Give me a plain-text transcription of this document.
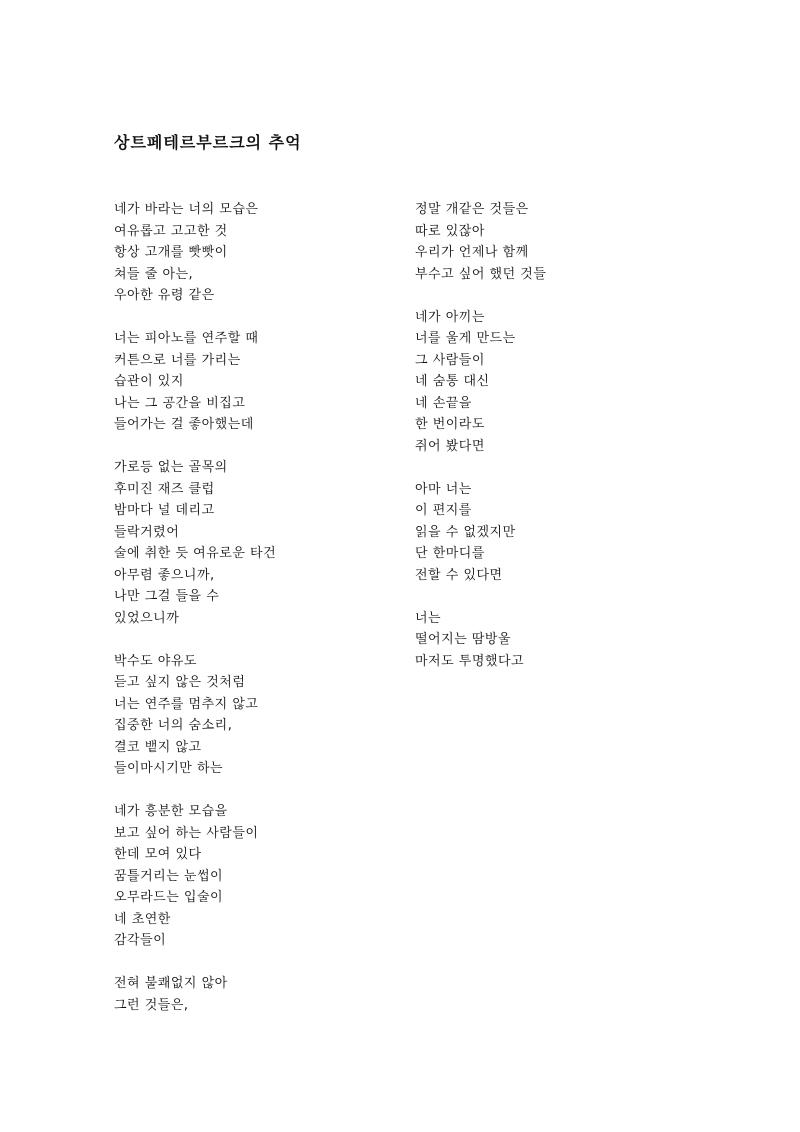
상트페테르부르크의 추억
네가 바라는 너의 모습은
여유롭고 고고한 것
항상 고개를 빳빳이
쳐들 줄 아는,
우아한 유령 같은
너는 피아노를 연주할 때
커튼으로 너를 가리는
습관이 있지
나는 그 공간을 비집고
들어가는 걸 좋아했는데
가로등 없는 골목의
후미진 재즈 클럽
밤마다 널 데리고
들락거렸어
술에 취한 듯 여유로운 타건
아무렴 좋으니까,
나만 그걸 들을 수
있었으니까
박수도 야유도
듣고 싶지 않은 것처럼
너는 연주를 멈추지 않고
집중한 너의 숨소리,
결코 뱉지 않고
들이마시기만 하는
네가 흥분한 모습을
보고 싶어 하는 사람들이
한데 모여 있다
꿈틀거리는 눈썹이
오무라드는 입술이
네 초연한
감각들이
전혀 불쾌없지 않아
그런 것들은,
정말 개같은 것들은
따로 있잖아
우리가 언제나 함께
부수고 싶어 했던 것들
네가 아끼는
너를 울게 만드는
그 사람들이
네 숨통 대신
네 손끝을
한 번이라도
쥐어 봤다면
아마 너는
이 편지를
읽을 수 없겠지만
단 한마디를
전할 수 있다면
너는
떨어지는 땀방울
마저도 투명했다고
